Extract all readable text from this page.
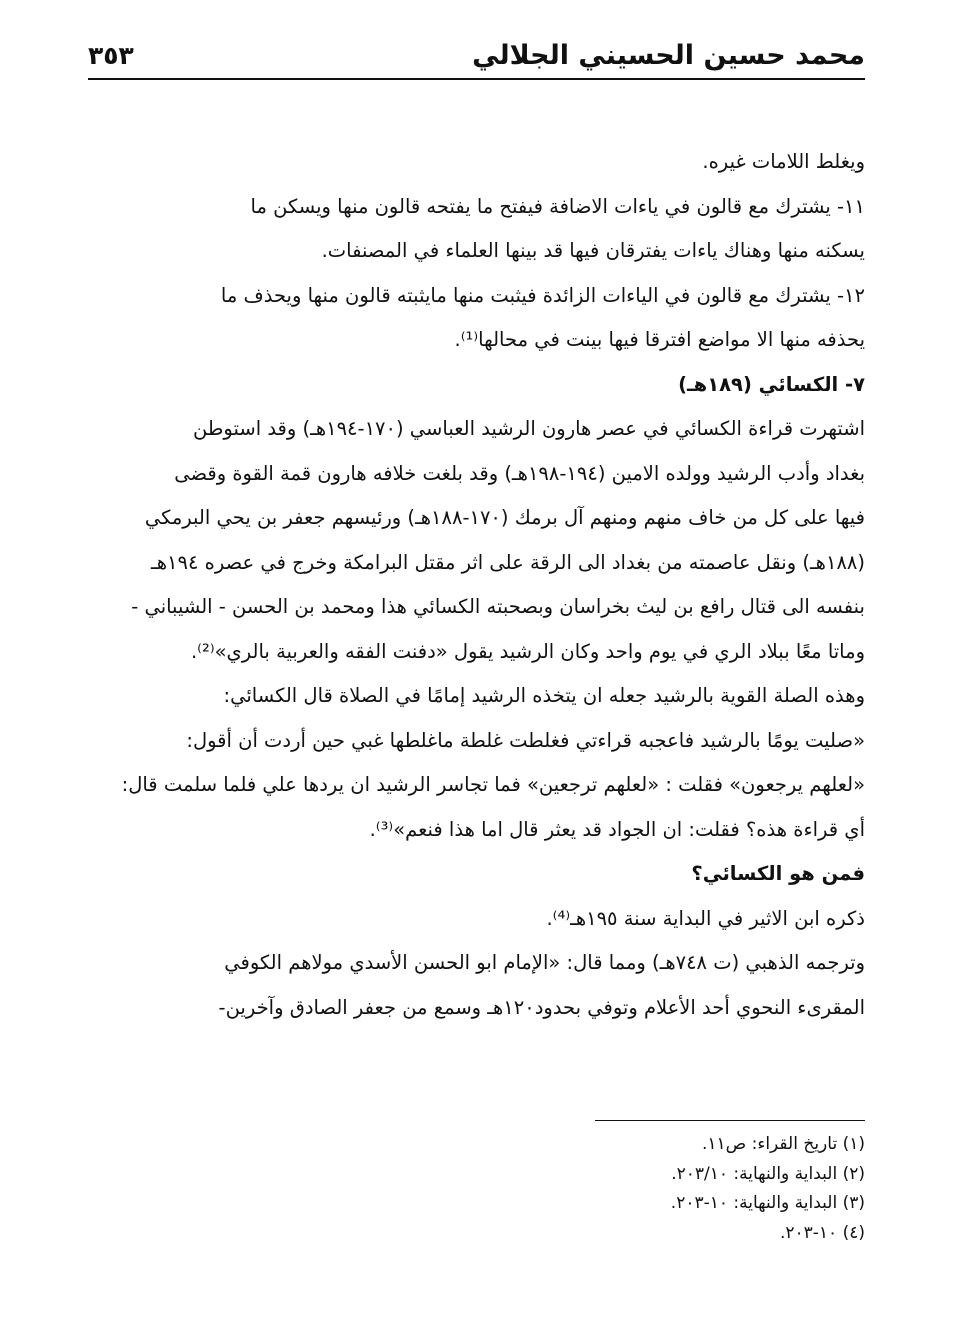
٣٥٣	محمد حسين الحسيني الجلالي
ويغلط اللامات غيره.
١١- يشترك مع قالون في ياءات الاضافة فيفتح ما يفتحه قالون منها ويسكن ما
يسكنه منها وهناك ياءات يفترقان فيها قد بينها العلماء في المصنفات.
١٢- يشترك مع قالون في الياءات الزائدة فيثبت منها مايثبته قالون منها ويحذف ما
يحذفه منها الا مواضع افترقا فيها بينت في محالها⁽¹⁾.
٧- الكسائي (١٨٩هـ)
اشتهرت قراءة الكسائي في عصر هارون الرشيد العباسي (١٧٠-١٩٤هـ) وقد استوطن
بغداد وأدب الرشيد وولده الامين (١٩٤-١٩٨هـ) وقد بلغت خلافه هارون قمة القوة وقضى
فيها على كل من خاف منهم ومنهم آل برمك (١٧٠-١٨٨هـ) ورئيسهم جعفر بن يحي البرمكي
(١٨٨هـ) ونقل عاصمته من بغداد الى الرقة على اثر مقتل البرامكة وخرج في عصره ١٩٤هـ
بنفسه الى قتال رافع بن ليث بخراسان وبصحبته الكسائي هذا ومحمد بن الحسن - الشيباني -
وماتا معًا ببلاد الري في يوم واحد وكان الرشيد يقول «دفنت الفقه والعربية بالري»⁽²⁾.
وهذه الصلة القوية بالرشيد جعله ان يتخذه الرشيد إمامًا في الصلاة قال الكسائي:
«صليت يومًا بالرشيد فاعجبه قراءتي فغلطت غلطة ماغلطها غبي حين أردت أن أقول:
«لعلهم يرجعون» فقلت : «لعلهم ترجعين» فما تجاسر الرشيد ان يردها علي فلما سلمت قال:
أي قراءة هذه؟ فقلت: ان الجواد قد يعثر قال اما هذا فنعم»⁽³⁾.
فمن هو الكسائي؟
ذكره ابن الاثير في البداية سنة ١٩٥هـ⁽⁴⁾.
وترجمه الذهبي (ت ٧٤٨هـ) ومما قال: «الإمام ابو الحسن الأسدي مولاهم الكوفي
المقرىء النحوي أحد الأعلام وتوفي بحدود١٢٠هـ وسمع من جعفر الصادق وآخرين-
(١) تاريخ القراء: ص١١.
(٢) البداية والنهاية: ٢٠٣/١٠.
(٣) البداية والنهاية: ١٠-٢٠٣.
(٤) ١٠-٢٠٣.
